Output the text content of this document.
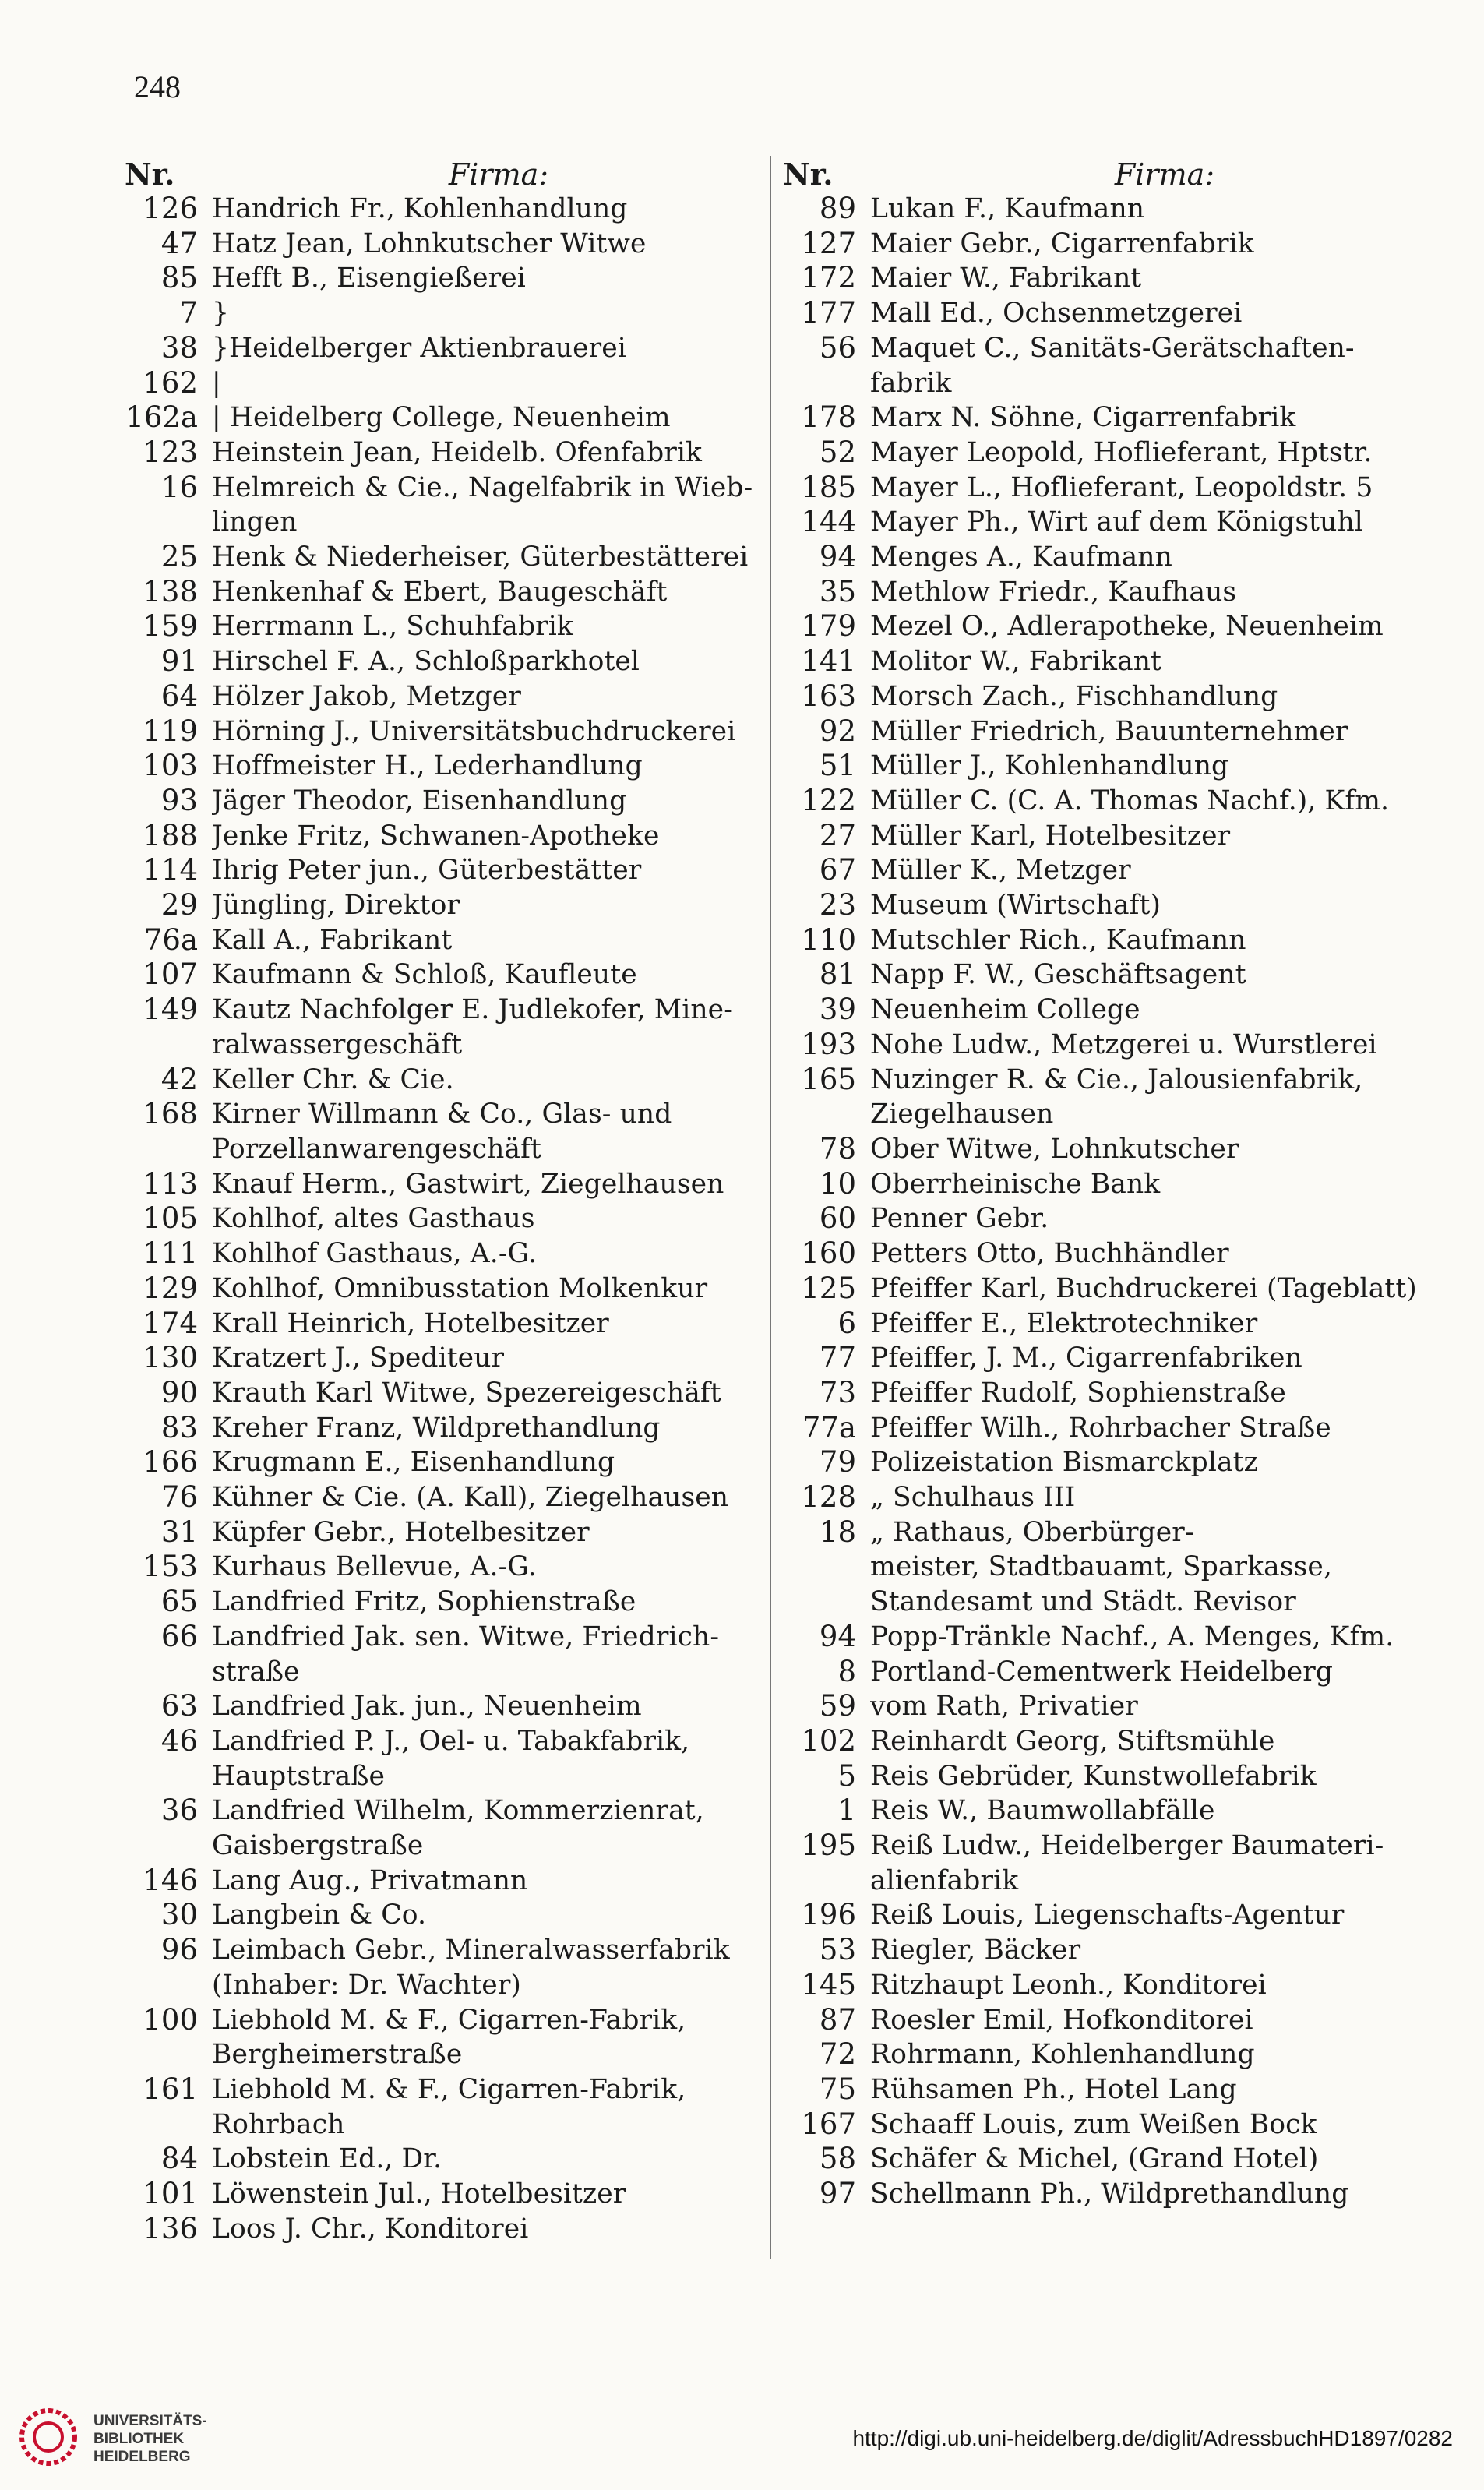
248
Nr.	Firma:
126 Handrich Fr., Kohlenhandlung
47 Hatz Jean, Lohnkutscher Witwe
85 Hefft B., Eisengießerei
7 }
38 }Heidelberger Aktienbrauerei
162 |
162a | Heidelberg College, Neuenheim
123 Heinstein Jean, Heidelb. Ofenfabrik
16 Helmreich & Cie., Nagelfabrik in Wieb-
lingen
25 Henk & Niederheiser, Güterbestätterei
138 Henkenhaf & Ebert, Baugeschäft
159 Herrmann L., Schuhfabrik
91 Hirschel F. A., Schloßparkhotel
64 Hölzer Jakob, Metzger
119 Hörning J., Universitätsbuchdruckerei
103 Hoffmeister H., Lederhandlung
93 Jäger Theodor, Eisenhandlung
188 Jenke Fritz, Schwanen-Apotheke
114 Ihrig Peter jun., Güterbestätter
29 Jüngling, Direktor
76a Kall A., Fabrikant
107 Kaufmann & Schloß, Kaufleute
149 Kautz Nachfolger E. Judlekofer, Mine-
ralwassergeschäft
42 Keller Chr. & Cie.
168 Kirner Willmann & Co., Glas- und
Porzellanwarengeschäft
113 Knauf Herm., Gastwirt, Ziegelhausen
105 Kohlhof, altes Gasthaus
111 Kohlhof Gasthaus, A.-G.
129 Kohlhof, Omnibusstation Molkenkur
174 Krall Heinrich, Hotelbesitzer
130 Kratzert J., Spediteur
90 Krauth Karl Witwe, Spezereigeschäft
83 Kreher Franz, Wildprethandlung
166 Krugmann E., Eisenhandlung
76 Kühner & Cie. (A. Kall), Ziegelhausen
31 Küpfer Gebr., Hotelbesitzer
153 Kurhaus Bellevue, A.-G.
65 Landfried Fritz, Sophienstraße
66 Landfried Jak. sen. Witwe, Friedrich-
straße
63 Landfried Jak. jun., Neuenheim
46 Landfried P. J., Oel- u. Tabakfabrik,
Hauptstraße
36 Landfried Wilhelm, Kommerzienrat,
Gaisbergstraße
146 Lang Aug., Privatmann
30 Langbein & Co.
96 Leimbach Gebr., Mineralwasserfabrik
(Inhaber: Dr. Wachter)
100 Liebhold M. & F., Cigarren-Fabrik,
Bergheimerstraße
161 Liebhold M. & F., Cigarren-Fabrik,
Rohrbach
84 Lobstein Ed., Dr.
101 Löwenstein Jul., Hotelbesitzer
136 Loos J. Chr., Konditorei
Nr.	Firma:
89 Lukan F., Kaufmann
127 Maier Gebr., Cigarrenfabrik
172 Maier W., Fabrikant
177 Mall Ed., Ochsenmetzgerei
56 Maquet C., Sanitäts-Gerätschaften-
fabrik
178 Marx N. Söhne, Cigarrenfabrik
52 Mayer Leopold, Hoflieferant, Hptstr.
185 Mayer L., Hoflieferant, Leopoldstr. 5
144 Mayer Ph., Wirt auf dem Königstuhl
94 Menges A., Kaufmann
35 Methlow Friedr., Kaufhaus
179 Mezel O., Adlerapotheke, Neuenheim
141 Molitor W., Fabrikant
163 Morsch Zach., Fischhandlung
92 Müller Friedrich, Bauunternehmer
51 Müller J., Kohlenhandlung
122 Müller C. (C. A. Thomas Nachf.), Kfm.
27 Müller Karl, Hotelbesitzer
67 Müller K., Metzger
23 Museum (Wirtschaft)
110 Mutschler Rich., Kaufmann
81 Napp F. W., Geschäftsagent
39 Neuenheim College
193 Nohe Ludw., Metzgerei u. Wurstlerei
165 Nuzinger R. & Cie., Jalousienfabrik,
Ziegelhausen
78 Ober Witwe, Lohnkutscher
10 Oberrheinische Bank
60 Penner Gebr.
160 Petters Otto, Buchhändler
125 Pfeiffer Karl, Buchdruckerei (Tageblatt)
6 Pfeiffer E., Elektrotechniker
77 Pfeiffer, J. M., Cigarrenfabriken
73 Pfeiffer Rudolf, Sophienstraße
77a Pfeiffer Wilh., Rohrbacher Straße
79 Polizeistation Bismarckplatz
128 „ Schulhaus III
18 „ Rathaus, Oberbürger-
meister, Stadtbauamt, Sparkasse,
Standesamt und Städt. Revisor
94 Popp-Tränkle Nachf., A. Menges, Kfm.
8 Portland-Cementwerk Heidelberg
59 vom Rath, Privatier
102 Reinhardt Georg, Stiftsmühle
5 Reis Gebrüder, Kunstwollefabrik
1 Reis W., Baumwollabfälle
195 Reiß Ludw., Heidelberger Baumateri-
alienfabrik
196 Reiß Louis, Liegenschafts-Agentur
53 Riegler, Bäcker
145 Ritzhaupt Leonh., Konditorei
87 Roesler Emil, Hofkonditorei
72 Rohrmann, Kohlenhandlung
75 Rühsamen Ph., Hotel Lang
167 Schaaff Louis, zum Weißen Bock
58 Schäfer & Michel, (Grand Hotel)
97 Schellmann Ph., Wildprethandlung
UNIVERSITÄTS-
BIBLIOTHEK
HEIDELBERG
http://digi.ub.uni-heidelberg.de/diglit/AdressbuchHD1897/0282
